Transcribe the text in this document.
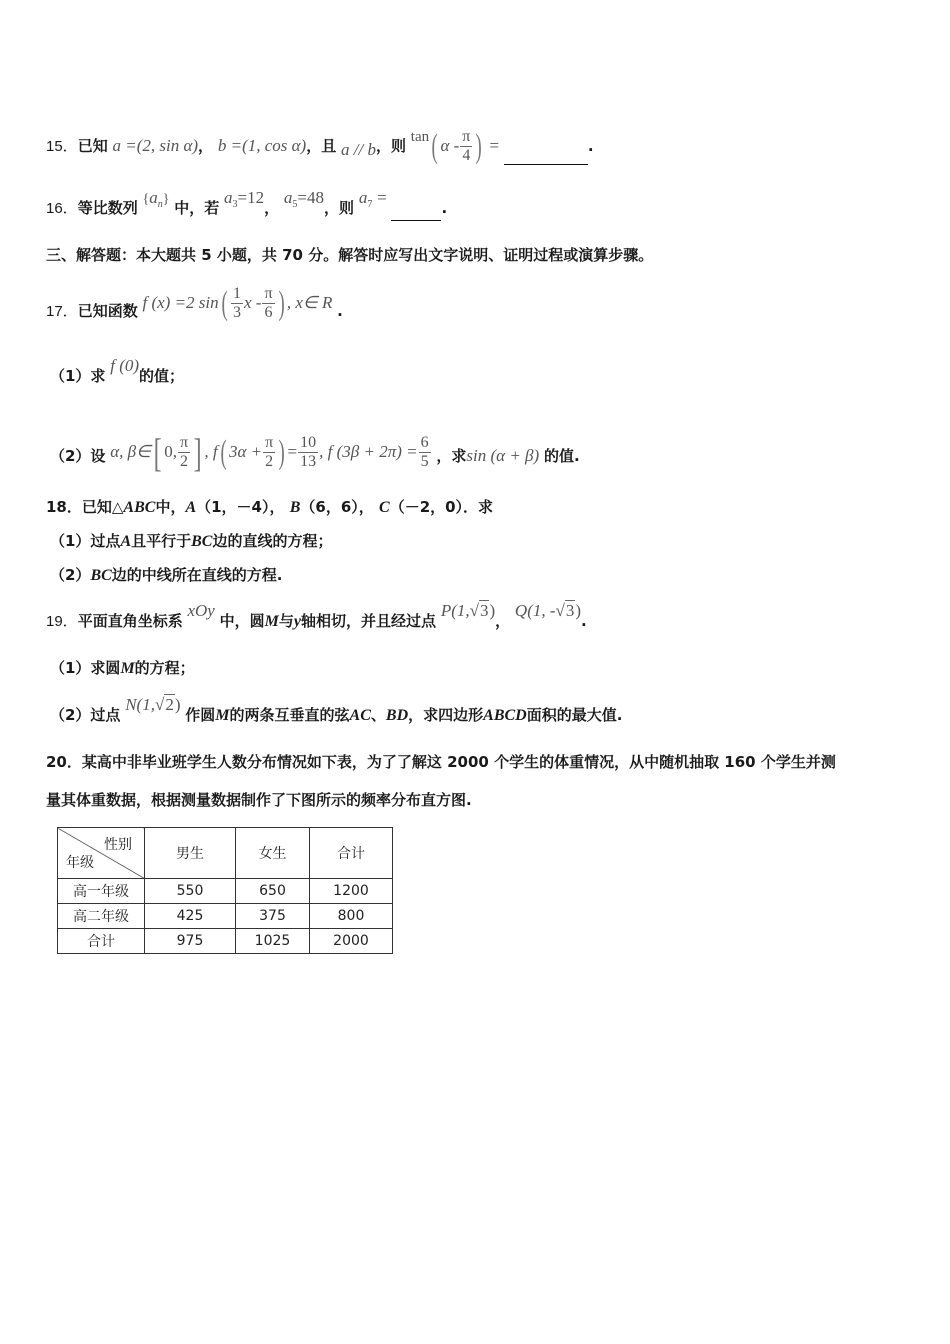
15．已知 a =(2, sin α)， b =(1, cos α)，且 a // b，则 tan( α - $\frac{\pi}{4}$ ) =	.
16．等比数列 $\{a_n\}$ 中，若 $a_3=12$， $a_5=48$，则 $a_7$ = .
三、解答题：本大题共 5 小题，共 70 分。解答时应写出文字说明、证明过程或演算步骤。
17．已知函数 f (x) =2 $\sin( \frac{1}{3}$ x - $\frac{\pi}{6}$ ) , x∈ R .
（1）求 f (0)的值；
（2）设 α, β∈[ 0, $\frac{\pi}{2}$ ] , f( $3\alpha + \frac{\pi}{2}$ ) = $\frac{10}{13}$ , f $(3\beta + 2\pi) = \frac{6}{5}$ ，求sin (α + β) 的值.
18．已知△ABC中，A（1，－4）， B（6，6）， C（－2，0）．求
（1）过点A且平行于BC边的直线的方程；
（2）BC边的中线所在直线的方程.
19．平面直角坐标系 xOy 中，圆M与y轴相切，并且经过点 P(1,√3)， Q(1, -√3).
（1）求圆M的方程；
（2）过点 N(1,√2) 作圆M的两条互垂直的弦AC、BD，求四边形ABCD面积的最大值.
20．某高中非毕业班学生人数分布情况如下表，为了了解这 2000 个学生的体重情况，从中随机抽取 160 个学生并测
量其体重数据，根据测量数据制作了下图所示的频率分布直方图.
性别
年级	男生	女生	合计
高一年级	550	650	1200
高二年级	425	375	800
合计	975	1025	2000
